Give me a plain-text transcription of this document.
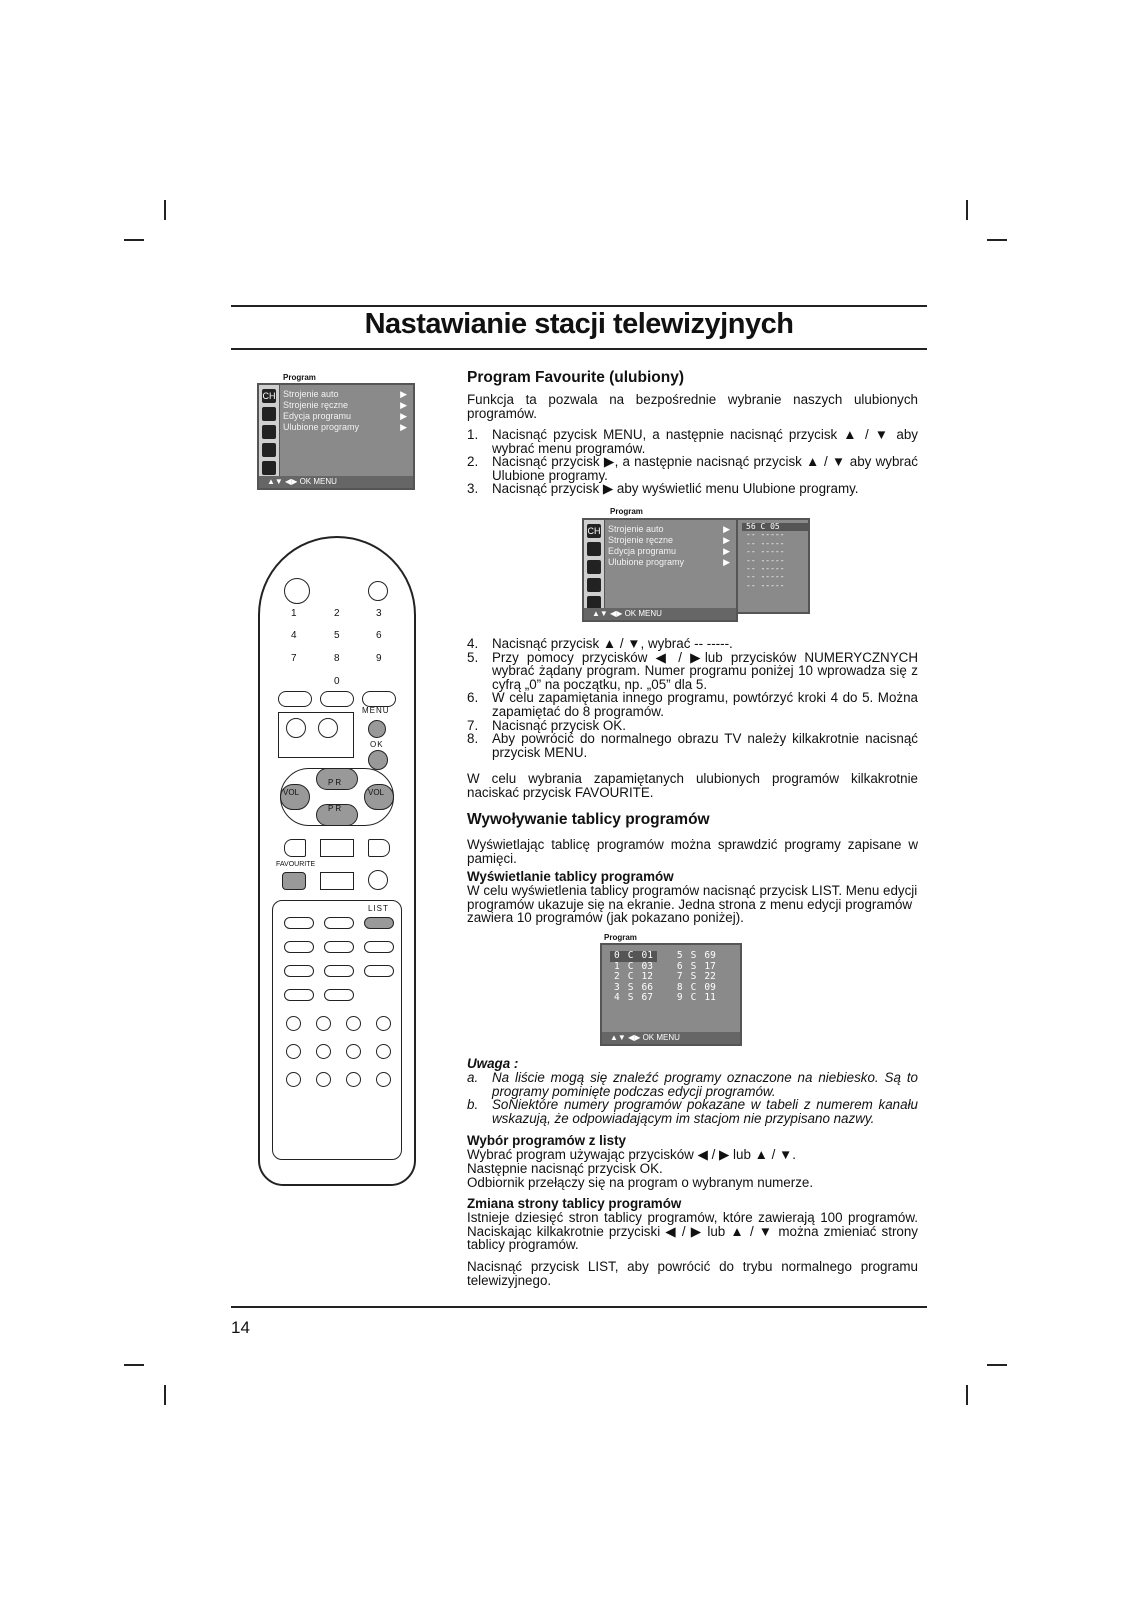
Nastawianie stacji telewizyjnych
Program
CH Strojenie auto	▶
Strojenie ręczne	▶
Edycja programu	▶
Ulubione programy	▶
▲▼ ◀▶ OK MENU
1	2	3
4	5	6
7	8	9
0
MENU
OK
P R
P R
VOL	VOL
FAVOURITE
LIST
Program Favourite (ulubiony)
Funkcja ta pozwala na bezpośrednie wybranie naszych ulubionych programów.
1.	Nacisnąć pzycisk MENU, a następnie nacisnąć przycisk ▲ / ▼ aby wybrać menu programów.
2.	Nacisnąć przycisk ▶, a następnie nacisnąć przycisk ▲ / ▼ aby wybrać Ulubione programy.
3.	Nacisnąć przycisk ▶ aby wyświetlić menu Ulubione programy.
Program
CH Strojenie auto	▶
Strojenie ręczne	▶
Edycja programu	▶
Ulubione programy	▶
▲▼ ◀▶ OK MENU
56 C 05
-- -----
-- -----
-- -----
-- -----
-- -----
-- -----
-- -----
4.	Nacisnąć przycisk ▲ / ▼, wybrać -- -----.
5.	Przy pomocy przycisków ◀ / ▶lub przycisków NUMERYCZNYCH wybrać żądany program. Numer programu poniżej 10 wprowadza się z cyfrą „0” na początku, np. „05” dla 5.
6.	W celu zapamiętania innego programu, powtórzyć kroki 4 do 5. Można zapamiętać do 8 programów.
7.	Nacisnąć przycisk OK.
8.	Aby powrócić do normalnego obrazu TV należy kilkakrotnie nacisnąć przycisk MENU.
W celu wybrania zapamiętanych ulubionych programów kilkakrotnie naciskać przycisk FAVOURITE.
Wywoływanie tablicy programów
Wyświetlając tablicę programów można sprawdzić programy zapisane w pamięci.
Wyświetlanie tablicy programów
W celu wyświetlenia tablicy programów nacisnąć przycisk LIST. Menu edycji programów ukazuje się na ekranie. Jedna strona z menu edycji programów zawiera 10 programów (jak pokazano poniżej).
Program
0	C	01		5	S	69
1	C	03		6	S	17
2	C	12		7	S	22
3	S	66		8	C	09
4	S	67		9	C	11
▲▼ ◀▶ OK MENU
Uwaga :
a.	Na liście mogą się znaleźć programy oznaczone na niebiesko. Są to programy pominięte podczas edycji programów.
b.	SoNiektóre numery programów pokazane w tabeli z numerem kanału wskazują, że odpowiadającym im stacjom nie przypisano nazwy.
Wybór programów z listy
Wybrać program używając przycisków ◀ / ▶ lub ▲ / ▼.
Następnie nacisnąć przycisk OK.
Odbiornik przełączy się na program o wybranym numerze.
Zmiana strony tablicy programów
Istnieje dziesięć stron tablicy programów, które zawierają 100 programów. Naciskając kilkakrotnie przyciski ◀ / ▶ lub ▲ / ▼ można zmieniać strony tablicy programów.
Nacisnąć przycisk LIST, aby powrócić do trybu normalnego programu telewizyjnego.
14
